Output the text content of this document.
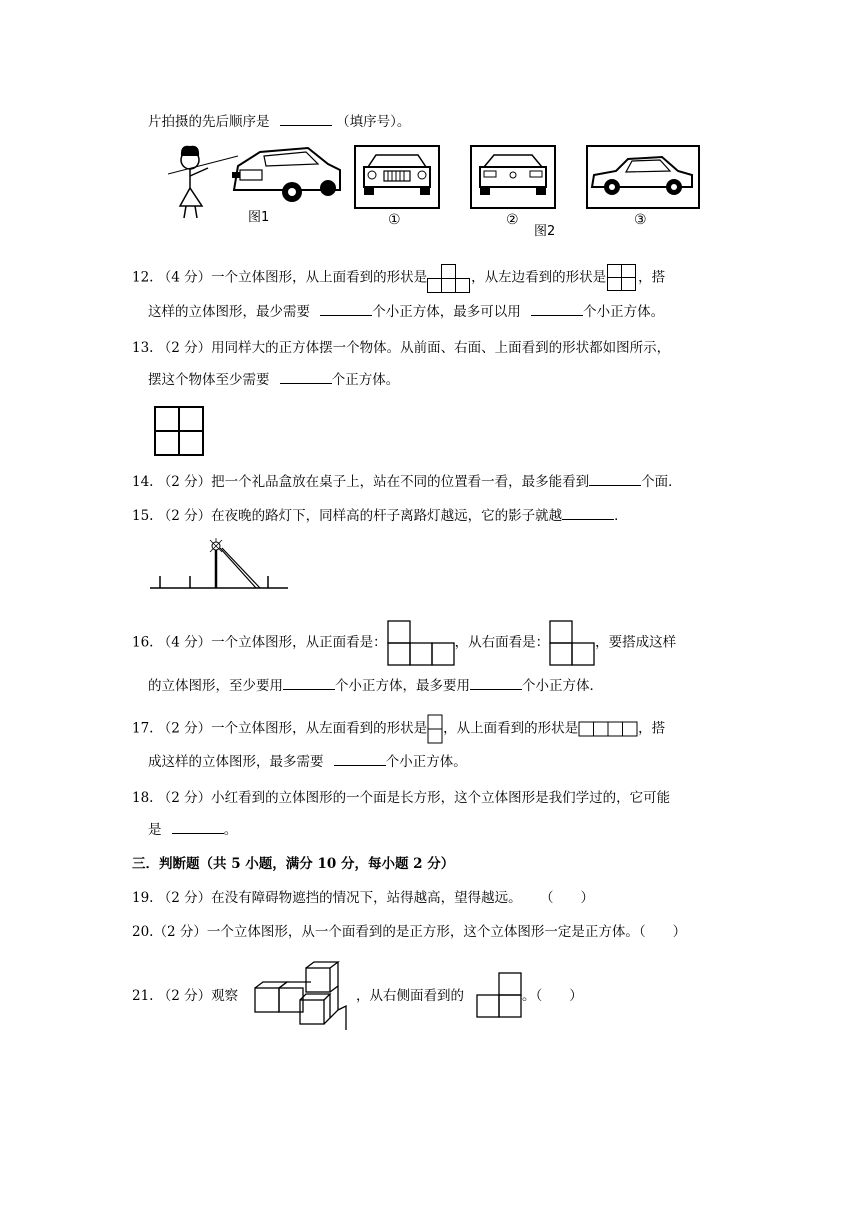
片拍摄的先后顺序是	（填序号）。
图1	①	②
图2
③
12. （4 分）一个立体图形，从上面看到的形状是	，从左边看到的形状是 ，搭
这样的立体图形，最少需要	个小正方体，最多可以用	个小正方体。
13. （2 分）用同样大的正方体摆一个物体。从前面、右面、上面看到的形状都如图所示，
摆这个物体至少需要	个正方体。
14. （2 分）把一个礼品盒放在桌子上，站在不同的位置看一看，最多能看到	个面．
15. （2 分）在夜晚的路灯下，同样高的杆子离路灯越远，它的影子就越	．
16. （4 分）一个立体图形，从正面看是：	，从右面看是：	，要搭成这样
的立体图形，至少要用	个小正方体，最多要用	个小正方体．
17. （2 分）一个立体图形，从左面看到的形状是 ，从上面看到的形状是	，搭
成这样的立体图形，最多需要	个小正方体。
18. （2 分）小红看到的立体图形的一个面是长方形，这个立体图形是我们学过的，它可能
是	。
三．判断题（共 5 小题，满分 10 分，每小题 2 分）
19. （2 分）在没有障碍物遮挡的情况下，站得越高，望得越远。 （　　）
20.（2 分）一个立体图形，从一个面看到的是正方形，这个立体图形一定是正方体。（　　）
21. （2 分）观察	，从右侧面看到的	。（　　）
